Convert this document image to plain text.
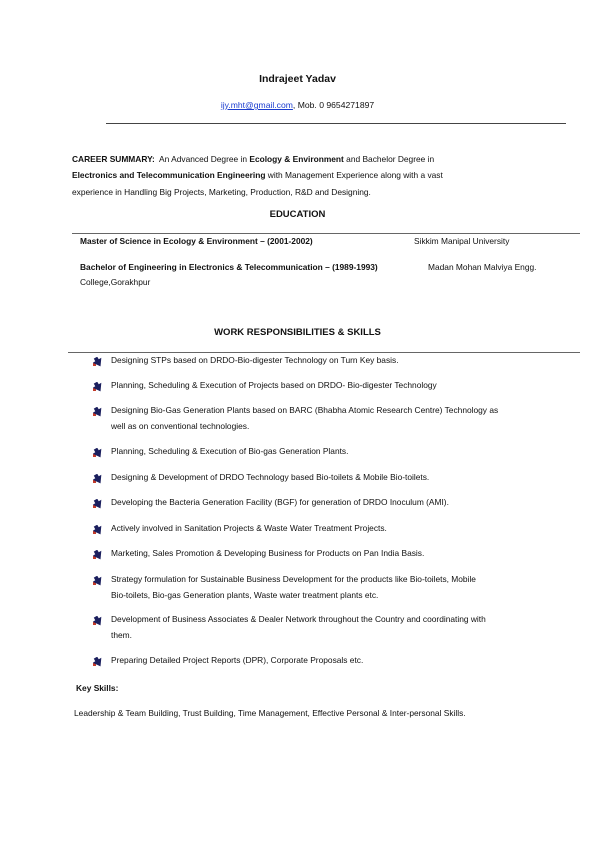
Indrajeet Yadav
ijy.mht@gmail.com, Mob. 0 9654271897
CAREER SUMMARY: An Advanced Degree in Ecology & Environment and Bachelor Degree in
Electronics and Telecommunication Engineering with Management Experience along with a vast
experience in Handling Big Projects, Marketing, Production, R&D and Designing.
EDUCATION
Master of Science in Ecology & Environment – (2001-2002)	Sikkim Manipal University
Bachelor of Engineering in Electronics & Telecommunication – (1989-1993)	Madan Mohan Malviya Engg.
College,Gorakhpur
WORK RESPONSIBILITIES & SKILLS
Designing STPs based on DRDO-Bio-digester Technology on Turn Key basis.
Planning, Scheduling & Execution of Projects based on DRDO- Bio-digester Technology
Designing Bio-Gas Generation Plants based on BARC (Bhabha Atomic Research Centre) Technology as
well as on conventional technologies.
Planning, Scheduling & Execution of Bio-gas Generation Plants.
Designing & Development of DRDO Technology based Bio-toilets & Mobile Bio-toilets.
Developing the Bacteria Generation Facility (BGF) for generation of DRDO Inoculum (AMI).
Actively involved in Sanitation Projects & Waste Water Treatment Projects.
Marketing, Sales Promotion & Developing Business for Products on Pan India Basis.
Strategy formulation for Sustainable Business Development for the products like Bio-toilets, Mobile
Bio-toilets, Bio-gas Generation plants, Waste water treatment plants etc.
Development of Business Associates & Dealer Network throughout the Country and coordinating with
them.
Preparing Detailed Project Reports (DPR), Corporate Proposals etc.
Key Skills:
Leadership & Team Building, Trust Building, Time Management, Effective Personal & Inter-personal Skills.
